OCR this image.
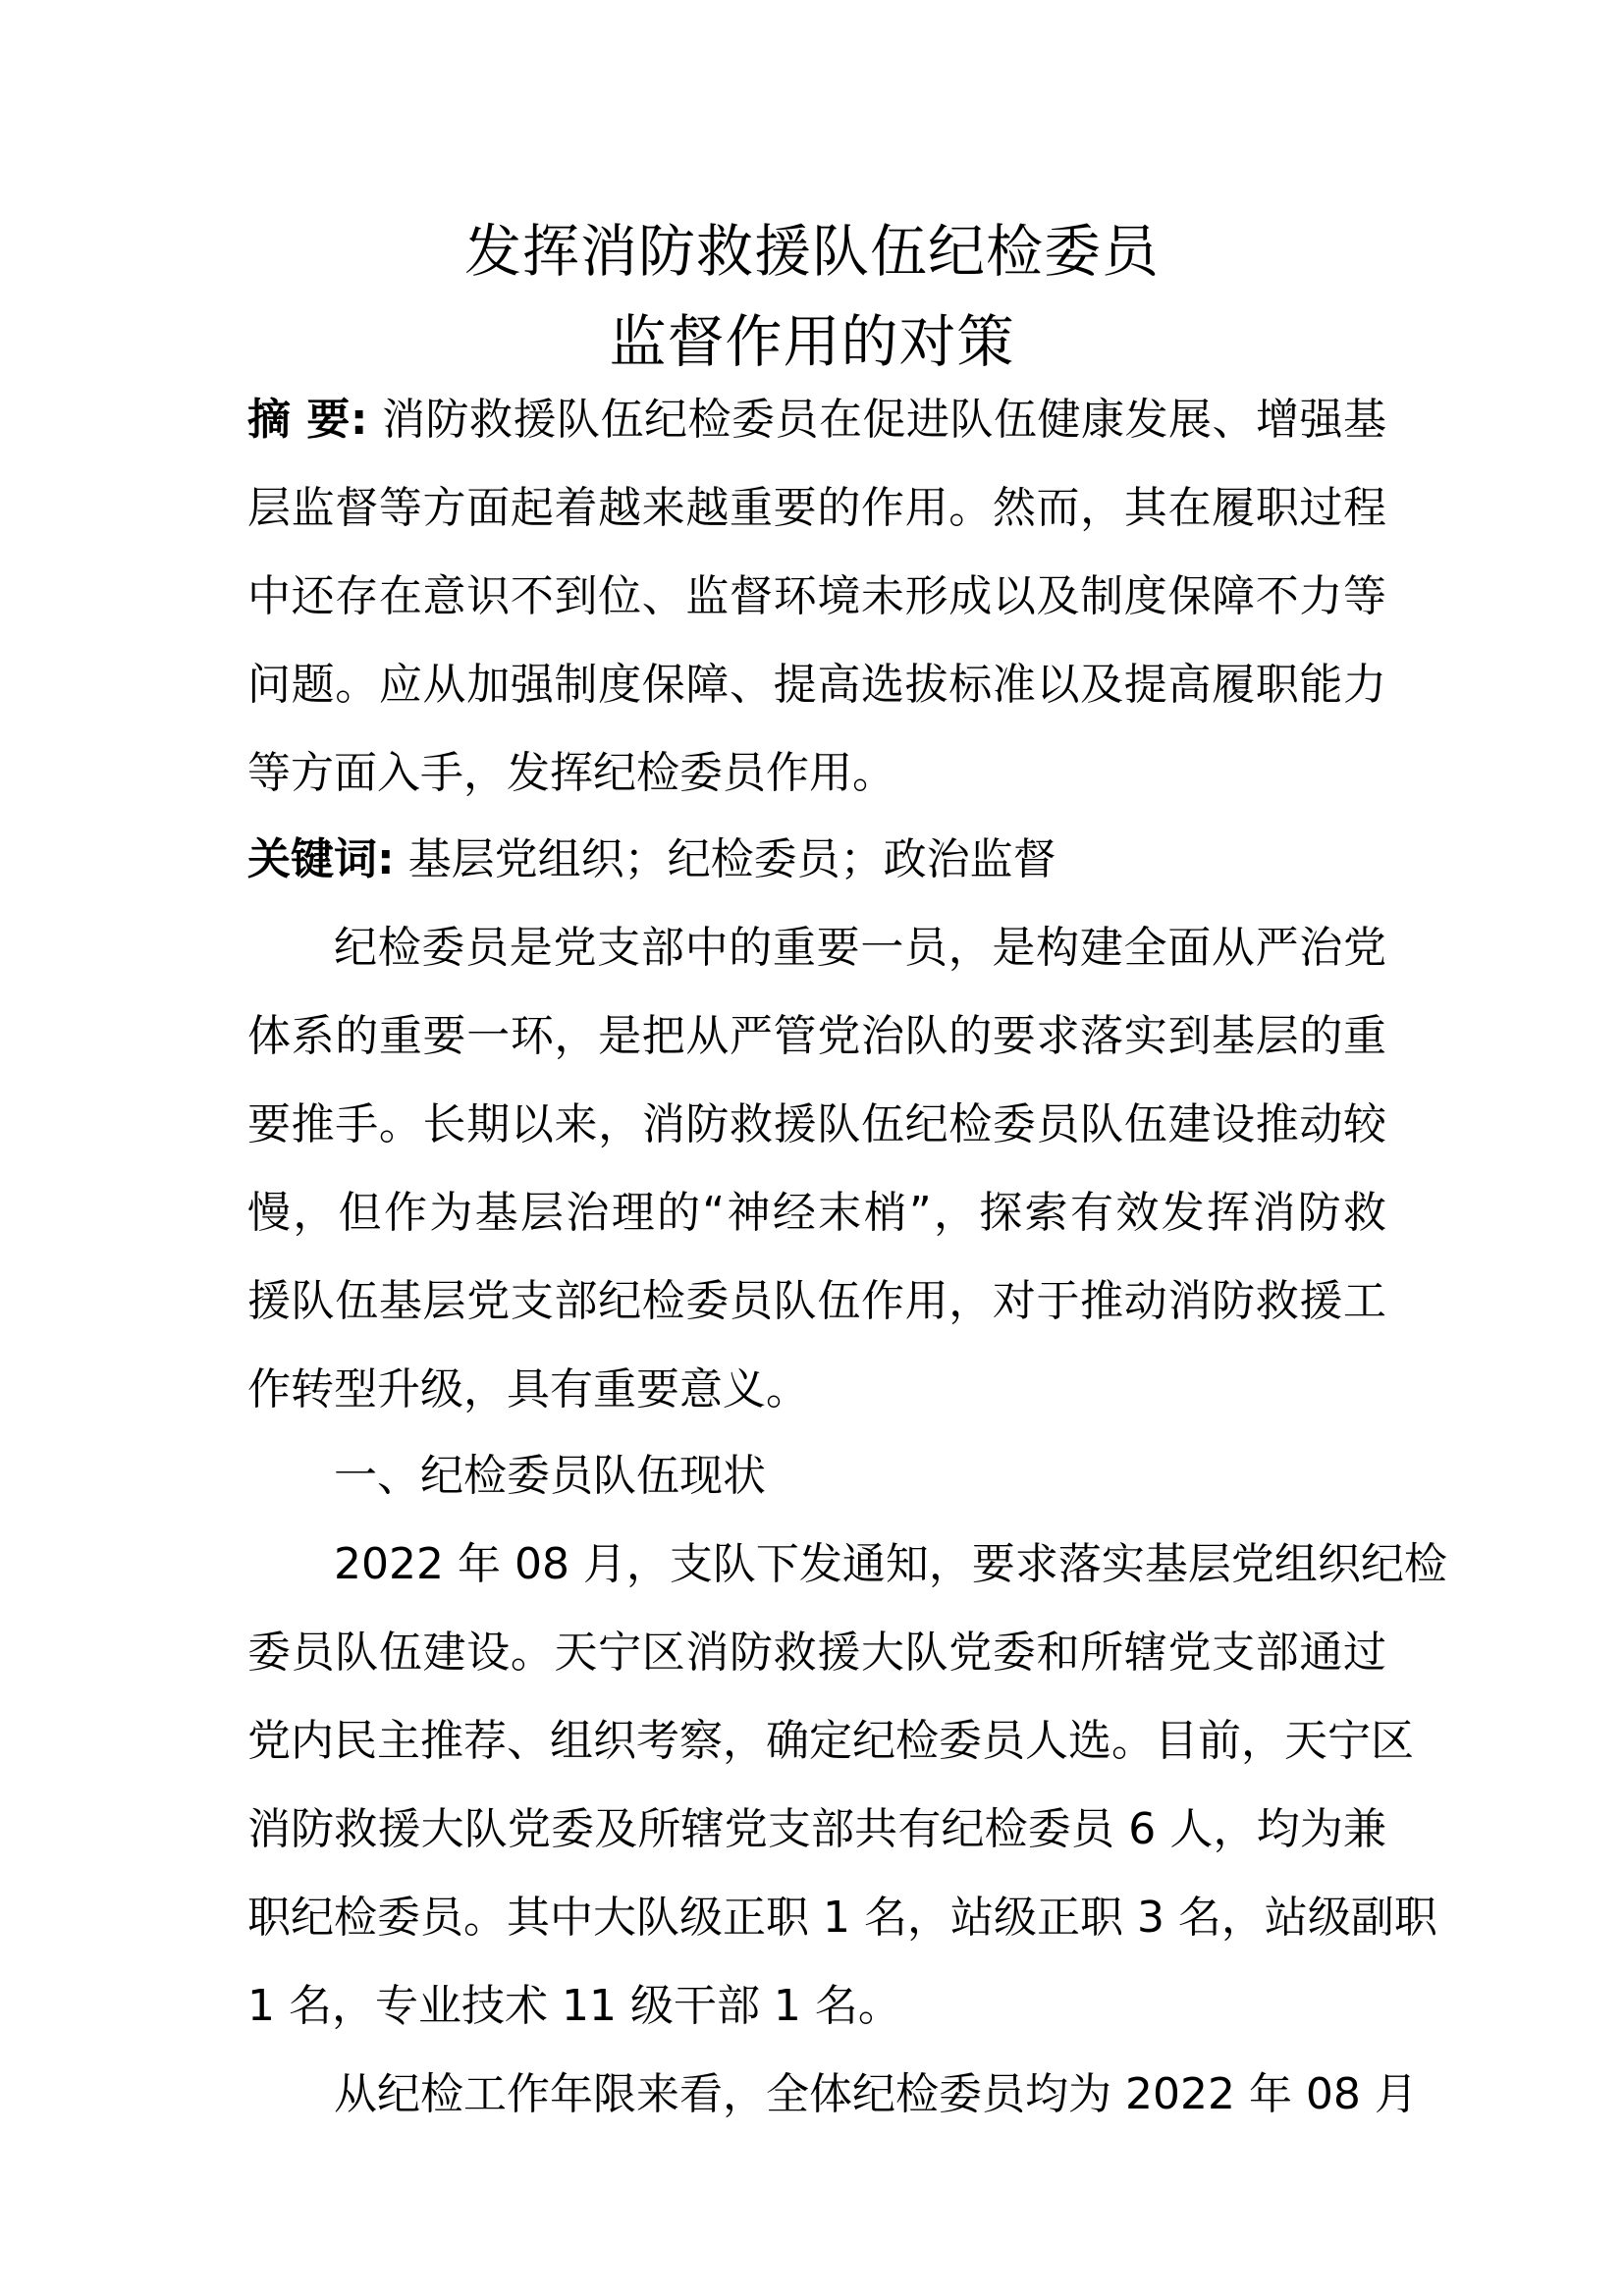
发挥消防救援队伍纪检委员
监督作用的对策
摘 要: 消防救援队伍纪检委员在促进队伍健康发展、增强基
层监督等方面起着越来越重要的作用。然而，其在履职过程
中还存在意识不到位、监督环境未形成以及制度保障不力等
问题。应从加强制度保障、提高选拔标准以及提高履职能力
等方面入手，发挥纪检委员作用。
关键词: 基层党组织；纪检委员；政治监督
纪检委员是党支部中的重要一员，是构建全面从严治党
体系的重要一环，是把从严管党治队的要求落实到基层的重
要推手。长期以来，消防救援队伍纪检委员队伍建设推动较
慢，但作为基层治理的“神经末梢”，探索有效发挥消防救
援队伍基层党支部纪检委员队伍作用，对于推动消防救援工
作转型升级，具有重要意义。
一、纪检委员队伍现状
2022 年 08 月，支队下发通知，要求落实基层党组织纪检
委员队伍建设。天宁区消防救援大队党委和所辖党支部通过
党内民主推荐、组织考察，确定纪检委员人选。目前，天宁区
消防救援大队党委及所辖党支部共有纪检委员 6 人，均为兼
职纪检委员。其中大队级正职 1 名，站级正职 3 名，站级副职
1 名，专业技术 11 级干部 1 名。
从纪检工作年限来看，全体纪检委员均为 2022 年 08 月
